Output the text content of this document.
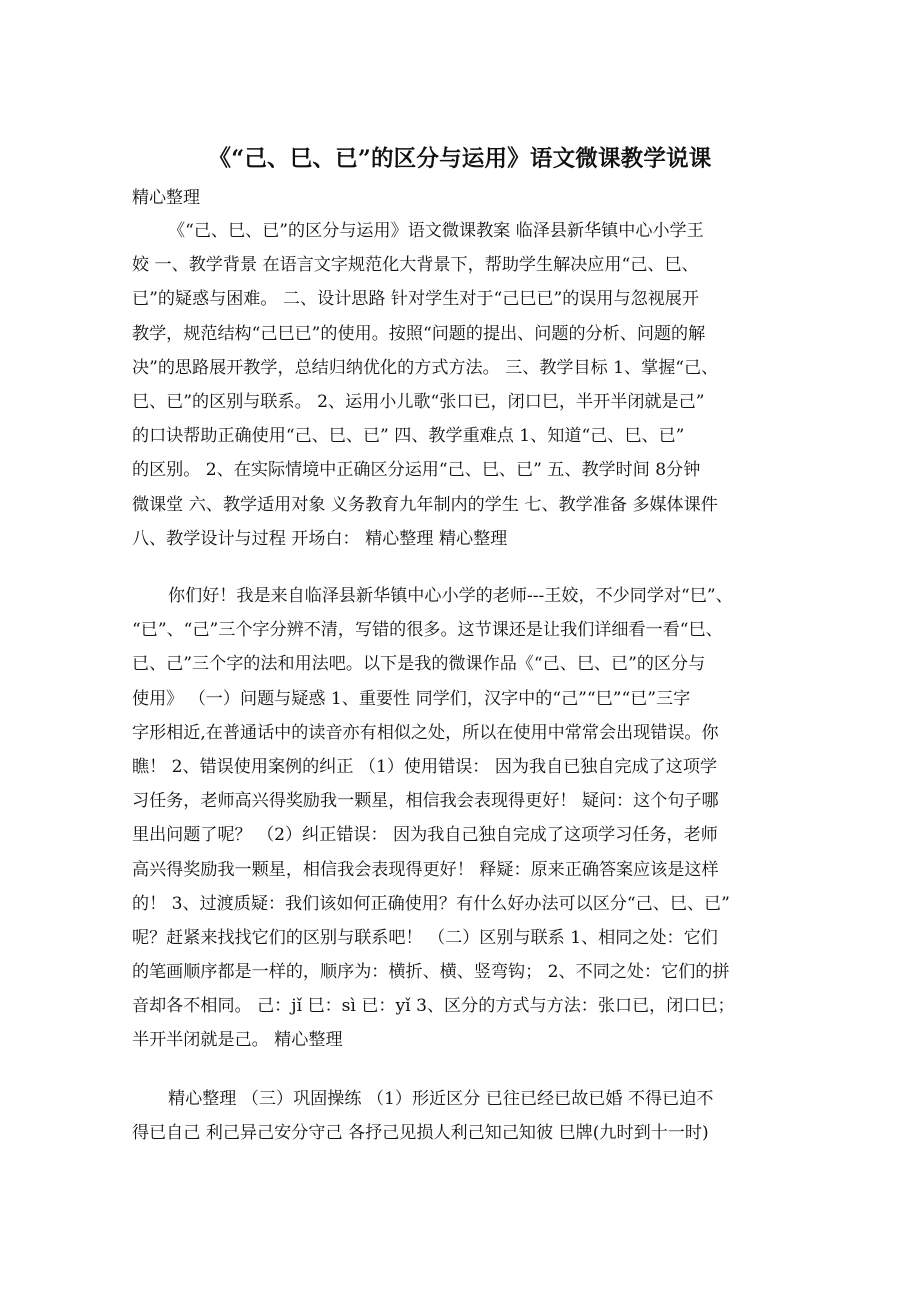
《“己、巳、已”的区分与运用》语文微课教学说课
精心整理
《“己、巳、已”的区分与运用》语文微课教案 临泽县新华镇中心小学王
姣 一、教学背景 在语言文字规范化大背景下，帮助学生解决应用“己、巳、
已”的疑惑与困难。 二、设计思路 针对学生对于“己巳已”的误用与忽视展开
教学，规范结构“己巳已”的使用。按照“问题的提出、问题的分析、问题的解
决”的思路展开教学，总结归纳优化的方式方法。 三、教学目标 1、掌握“己、
巳、已”的区别与联系。 2、运用小儿歌“张口已，闭口巳，半开半闭就是己”
的口诀帮助正确使用“己、巳、已” 四、教学重难点 1、知道“己、巳、已”
的区别。 2、在实际情境中正确区分运用“己、巳、已” 五、教学时间 8分钟
微课堂 六、教学适用对象 义务教育九年制内的学生 七、教学准备 多媒体课件
八、教学设计与过程 开场白： 精心整理 精心整理
你们好！我是来自临泽县新华镇中心小学的老师---王姣，不少同学对“巳”、
“已”、“己”三个字分辨不清，写错的很多。这节课还是让我们详细看一看“巳、
已、己”三个字的法和用法吧。以下是我的微课作品《“己、巳、已”的区分与
使用》 （一）问题与疑惑 1、重要性 同学们，汉字中的“己”“巳”“已”三字
字形相近,在普通话中的读音亦有相似之处，所以在使用中常常会出现错误。你
瞧！ 2、错误使用案例的纠正 （1）使用错误： 因为我自已独自完成了这项学
习任务，老师高兴得奖励我一颗星，相信我会表现得更好！ 疑问：这个句子哪
里出问题了呢？ （2）纠正错误： 因为我自己独自完成了这项学习任务，老师
高兴得奖励我一颗星，相信我会表现得更好！ 释疑：原来正确答案应该是这样
的！ 3、过渡质疑：我们该如何正确使用？有什么好办法可以区分“己、巳、已”
呢？赶紧来找找它们的区别与联系吧！ （二）区别与联系 1、相同之处：它们
的笔画顺序都是一样的，顺序为：横折、横、竖弯钩； 2、不同之处：它们的拼
音却各不相同。 己：jǐ 巳：sì 已：yǐ 3、区分的方式与方法：张口已，闭口巳；
半开半闭就是己。 精心整理
精心整理 （三）巩固操练 （1）形近区分 已往已经已故已婚 不得已迫不
得已自己 利己异己安分守己 各抒己见损人利己知己知彼 巳牌(九时到十一时)
